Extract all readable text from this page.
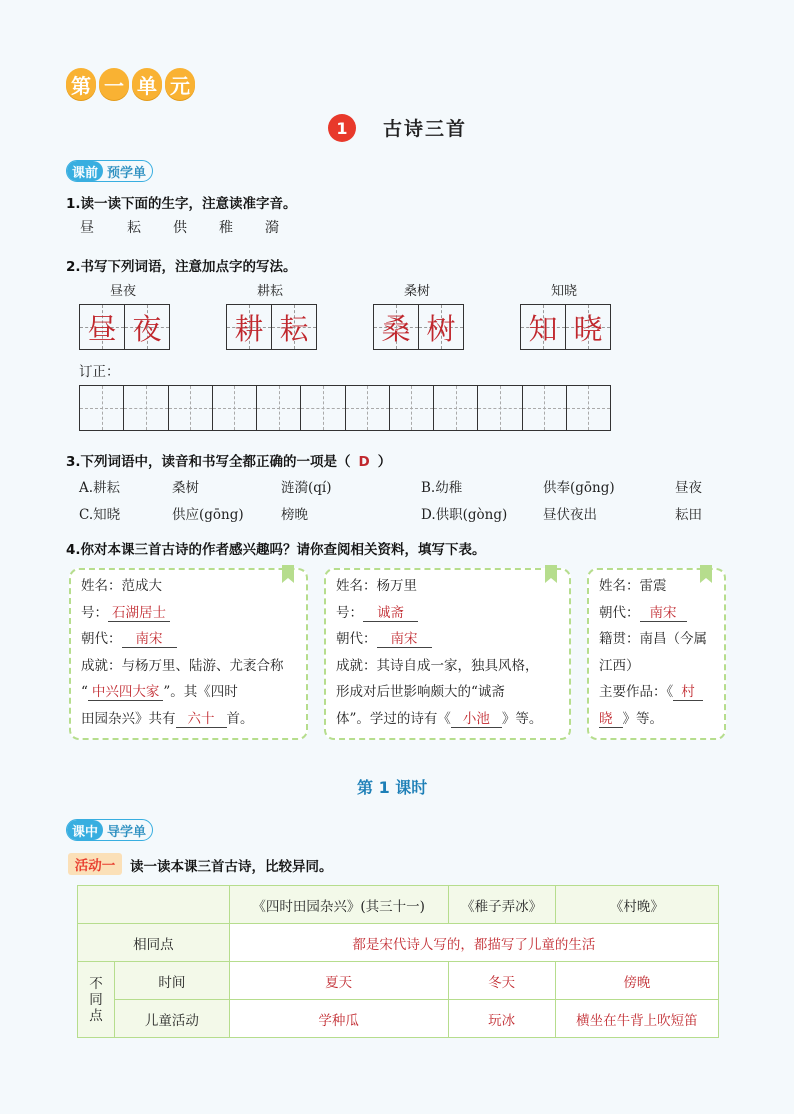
第 一 单 元
1	古诗三首
课前 预学单
1.读一读下面的生字，注意读准字音。
昼 耘 供 稚 漪
2.书写下列词语，注意加点字的写法。
昼夜
昼 夜
耕耘
耕 耘
桑树
桑 树
知晓
知 晓
订正：
3.下列词语中，读音和书写全都正确的一项是（ D ）
A.耕耘	桑树	涟漪(qí)	B.幼稚	供奉(gōng)	昼夜
C.知晓	供应(gōng)	榜晚	D.供职(gòng)	昼伏夜出	耘田
4.你对本课三首古诗的作者感兴趣吗？请你查阅相关资料，填写下表。
姓名：范成大
号： 石湖居士
朝代： 南宋
成就：与杨万里、陆游、尤袤合称
“ 中兴四大家 ”。其《四时
田园杂兴》共有 六十 首。
姓名：杨万里
号： 诚斋
朝代： 南宋
成就：其诗自成一家，独具风格，
形成对后世影响颇大的“诚斋
体”。学过的诗有《 小池 》等。
姓名：雷震
朝代： 南宋
籍贯：南昌（今属
江西）
主要作品：《 村
晓 》等。
第 1 课时
课中 导学单
活动一	读一读本课三首古诗，比较异同。
		《四时田园杂兴》(其三十一)	《稚子弄冰》	《村晚》
相同点		都是宋代诗人写的，都描写了儿童的生活		

不同点	时间	夏天	冬天	傍晚
	儿童活动	学种瓜	玩冰	横坐在牛背上吹短笛
